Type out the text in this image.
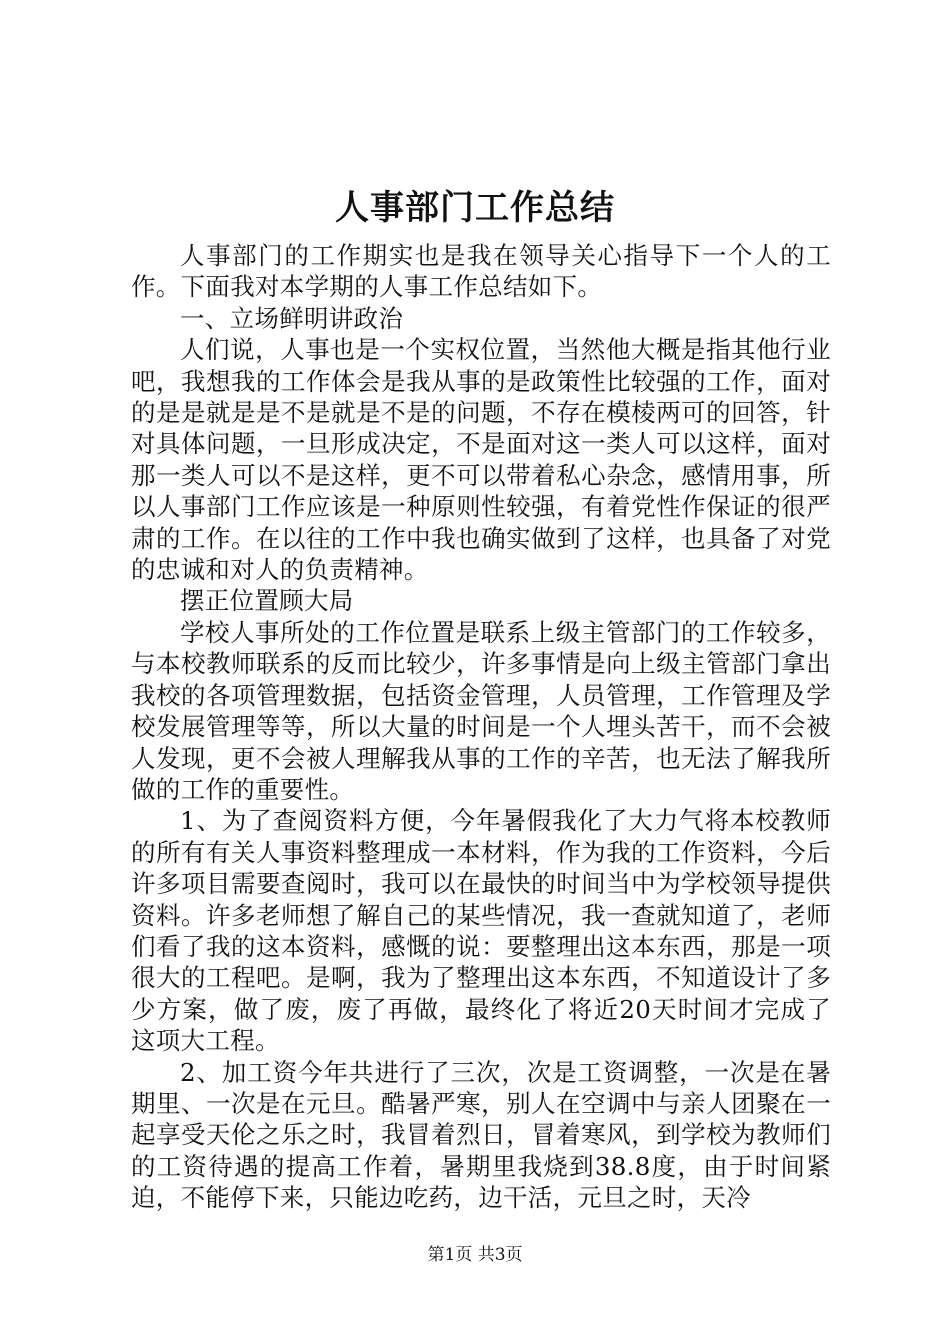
人事部门工作总结

人事部门的工作期实也是我在领导关心指导下一个人的工作。下面我对本学期的人事工作总结如下。

一、立场鲜明讲政治

人们说，人事也是一个实权位置，当然他大概是指其他行业吧，我想我的工作体会是我从事的是政策性比较强的工作，面对的是是就是是不是就是不是的问题，不存在模棱两可的回答，针对具体问题，一旦形成决定，不是面对这一类人可以这样，面对那一类人可以不是这样，更不可以带着私心杂念，感情用事，所以人事部门工作应该是一种原则性较强，有着党性作保证的很严肃的工作。在以往的工作中我也确实做到了这样，也具备了对党的忠诚和对人的负责精神。

摆正位置顾大局

学校人事所处的工作位置是联系上级主管部门的工作较多，与本校教师联系的反而比较少，许多事情是向上级主管部门拿出我校的各项管理数据，包括资金管理，人员管理，工作管理及学校发展管理等等，所以大量的时间是一个人埋头苦干，而不会被人发现，更不会被人理解我从事的工作的辛苦，也无法了解我所做的工作的重要性。

1、为了查阅资料方便，今年暑假我化了大力气将本校教师的所有有关人事资料整理成一本材料，作为我的工作资料，今后许多项目需要查阅时，我可以在最快的时间当中为学校领导提供资料。许多老师想了解自己的某些情况，我一查就知道了，老师们看了我的这本资料，感慨的说：要整理出这本东西，那是一项很大的工程吧。是啊，我为了整理出这本东西，不知道设计了多少方案，做了废，废了再做，最终化了将近20天时间才完成了这项大工程。

2、加工资今年共进行了三次，次是工资调整，一次是在暑期里、一次是在元旦。酷暑严寒，别人在空调中与亲人团聚在一起享受天伦之乐之时，我冒着烈日，冒着寒风，到学校为教师们的工资待遇的提高工作着，暑期里我烧到38.8度，由于时间紧迫，不能停下来，只能边吃药，边干活，元旦之时，天冷

第1页 共3页
